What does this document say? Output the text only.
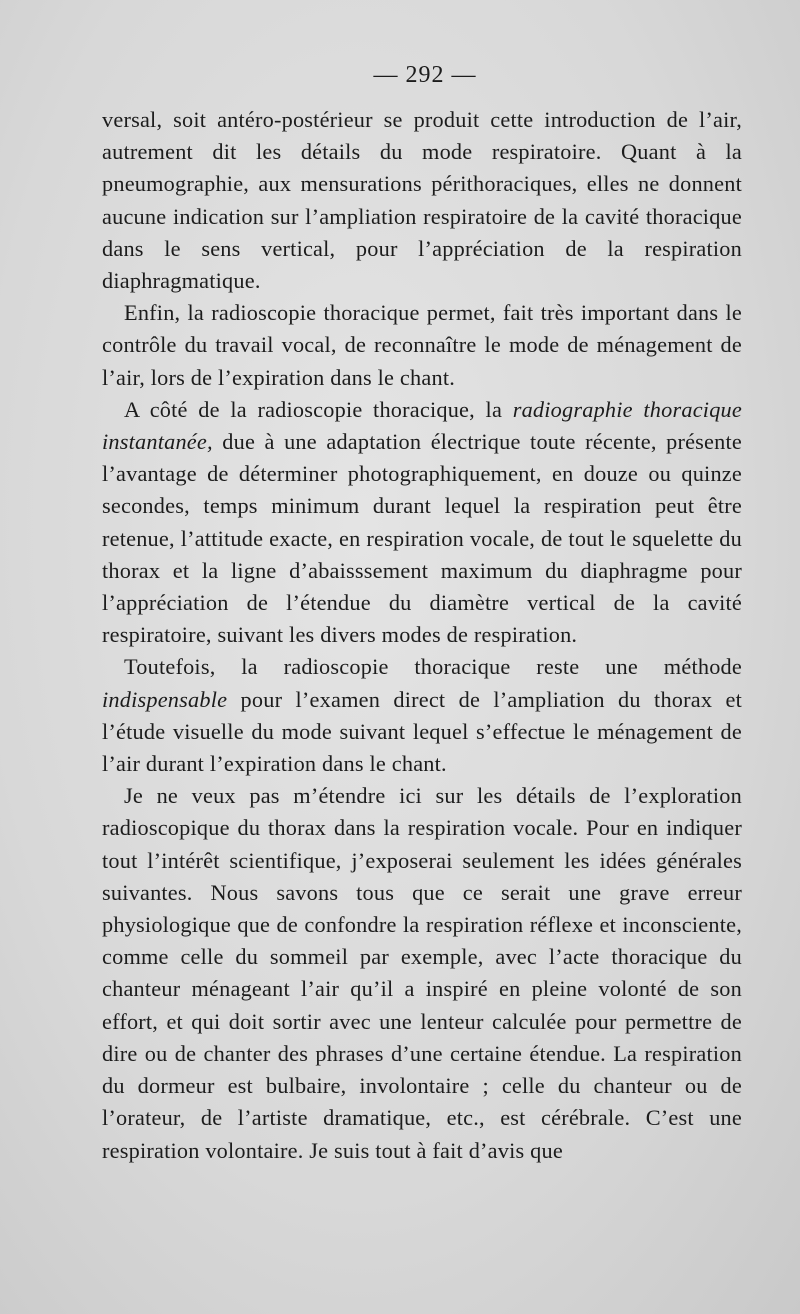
— 292 —

versal, soit antéro-postérieur se produit cette introduction de l’air, autrement dit les détails du mode respiratoire. Quant à la pneumographie, aux mensurations périthoraciques, elles ne donnent aucune indication sur l’ampliation respiratoire de la cavité thoracique dans le sens vertical, pour l’appréciation de la respiration diaphragmatique.

Enfin, la radioscopie thoracique permet, fait très important dans le contrôle du travail vocal, de reconnaître le mode de ménagement de l’air, lors de l’expiration dans le chant.

A côté de la radioscopie thoracique, la radiographie thoracique instantanée, due à une adaptation électrique toute récente, présente l’avantage de déterminer photographiquement, en douze ou quinze secondes, temps minimum durant lequel la respiration peut être retenue, l’attitude exacte, en respiration vocale, de tout le squelette du thorax et la ligne d’abaisssement maximum du diaphragme pour l’appréciation de l’étendue du diamètre vertical de la cavité respiratoire, suivant les divers modes de respiration.

Toutefois, la radioscopie thoracique reste une méthode indispensable pour l’examen direct de l’ampliation du thorax et l’étude visuelle du mode suivant lequel s’effectue le ménagement de l’air durant l’expiration dans le chant.

Je ne veux pas m’étendre ici sur les détails de l’exploration radioscopique du thorax dans la respiration vocale. Pour en indiquer tout l’intérêt scientifique, j’exposerai seulement les idées générales suivantes. Nous savons tous que ce serait une grave erreur physiologique que de confondre la respiration réflexe et inconsciente, comme celle du sommeil par exemple, avec l’acte thoracique du chanteur ménageant l’air qu’il a inspiré en pleine volonté de son effort, et qui doit sortir avec une lenteur calculée pour permettre de dire ou de chanter des phrases d’une certaine étendue. La respiration du dormeur est bulbaire, involontaire ; celle du chanteur ou de l’orateur, de l’artiste dramatique, etc., est cérébrale. C’est une respiration volontaire. Je suis tout à fait d’avis que
